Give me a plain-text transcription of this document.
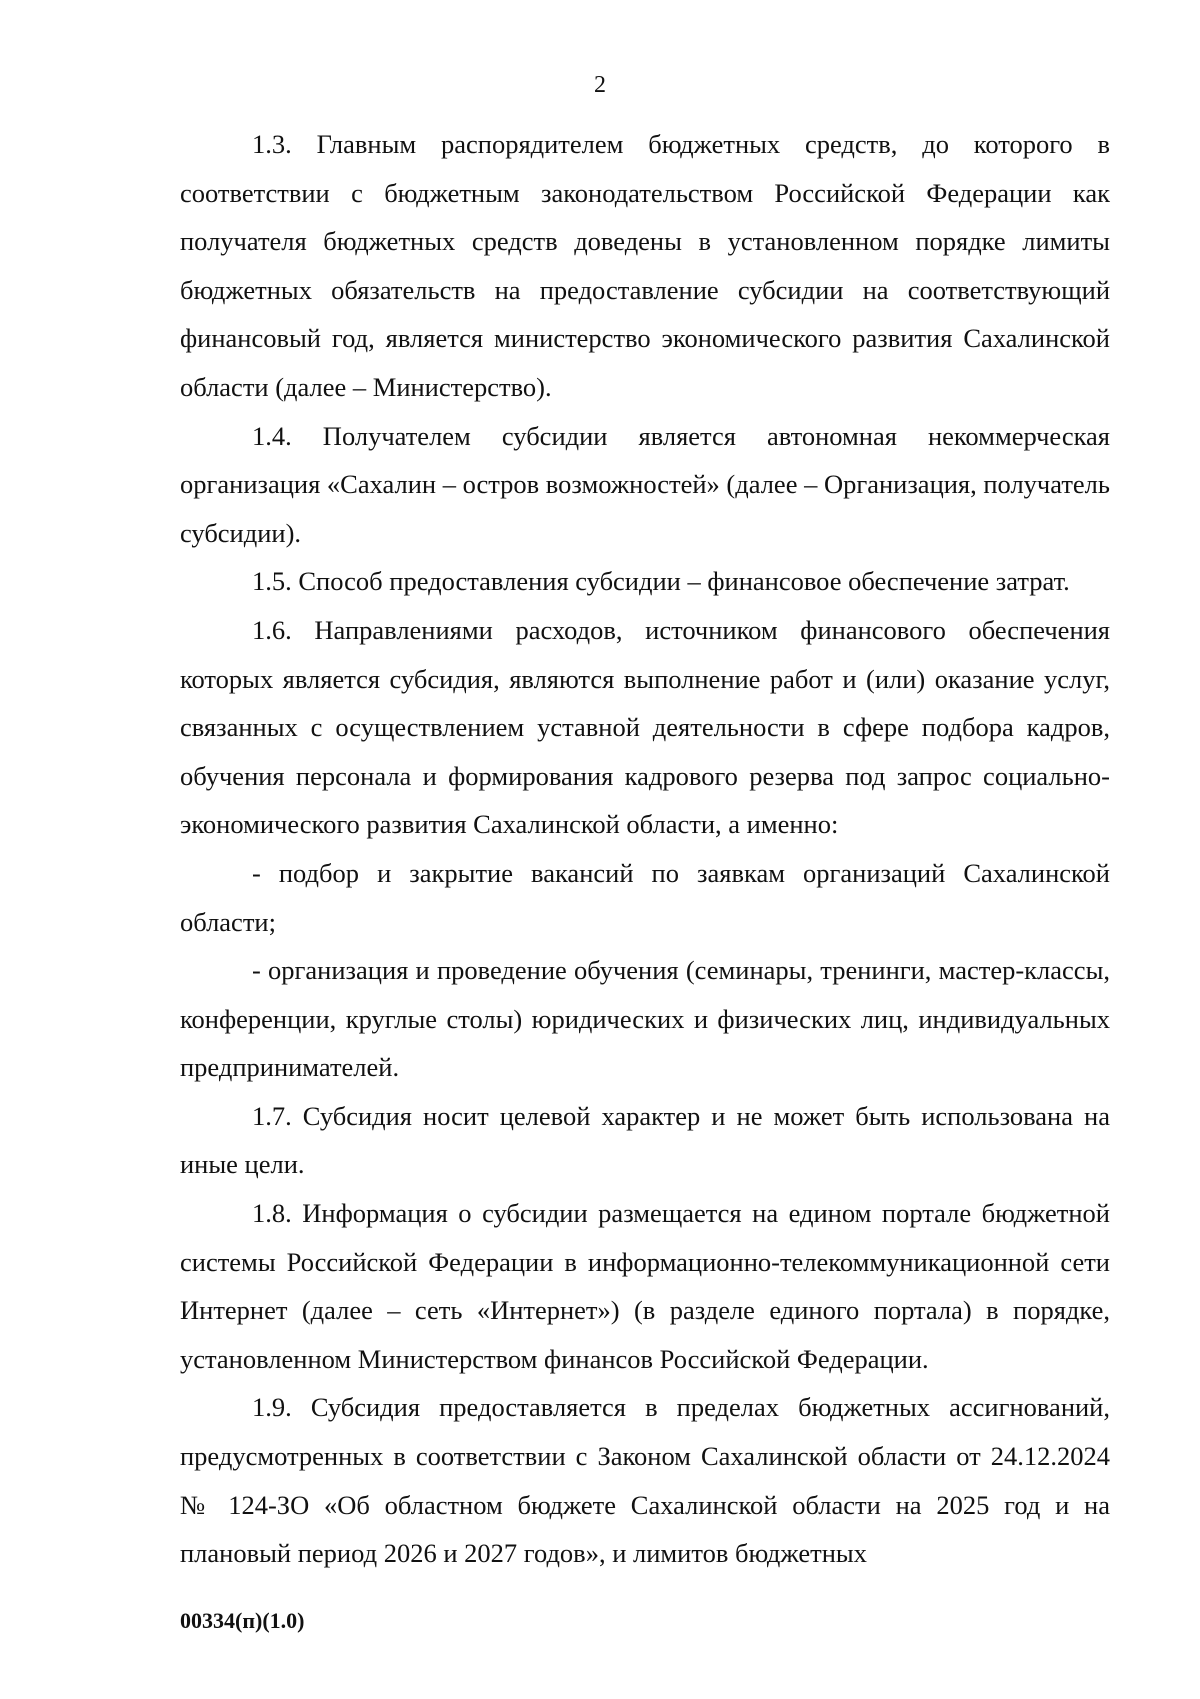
2

1.3. Главным распорядителем бюджетных средств, до которого в соответствии с бюджетным законодательством Российской Федерации как получателя бюджетных средств доведены в установленном порядке лимиты бюджетных обязательств на предоставление субсидии на соответствующий финансовый год, является министерство экономического развития Сахалинской области (далее – Министерство).

1.4. Получателем субсидии является автономная некоммерческая организация «Сахалин – остров возможностей» (далее – Организация, получатель субсидии).

1.5. Способ предоставления субсидии – финансовое обеспечение затрат.

1.6. Направлениями расходов, источником финансового обеспечения которых является субсидия, являются выполнение работ и (или) оказание услуг, связанных с осуществлением уставной деятельности в сфере подбора кадров, обучения персонала и формирования кадрового резерва под запрос социально-экономического развития Сахалинской области, а именно:

- подбор и закрытие вакансий по заявкам организаций Сахалинской области;

- организация и проведение обучения (семинары, тренинги, мастер-классы, конференции, круглые столы) юридических и физических лиц, индивидуальных предпринимателей.

1.7. Субсидия носит целевой характер и не может быть использована на иные цели.

1.8. Информация о субсидии размещается на едином портале бюджетной системы Российской Федерации в информационно-телекоммуникационной сети Интернет (далее – сеть «Интернет») (в разделе единого портала) в порядке, установленном Министерством финансов Российской Федерации.

1.9. Субсидия предоставляется в пределах бюджетных ассигнований, предусмотренных в соответствии с Законом Сахалинской области от 24.12.2024 № 124-ЗО «Об областном бюджете Сахалинской области на 2025 год и на плановый период 2026 и 2027 годов», и лимитов бюджетных

00334(п)(1.0)
